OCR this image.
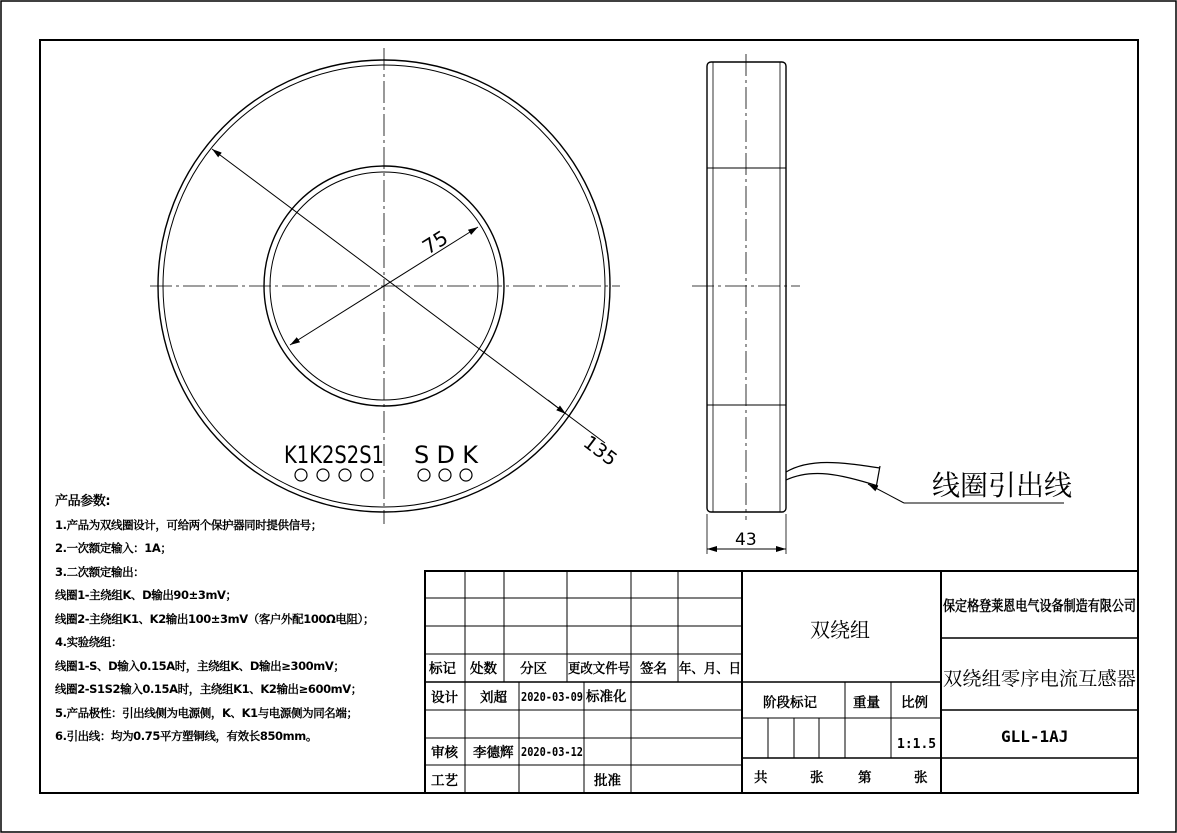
75
135
K1K2S2S1 S D K
43
线圈引出线
标记 处数 分区 更改文件号 签名 年、月、日
设计 刘超 2020-03-09 标准化
审核 李德辉 2020-03-12
工艺	批准
双绕组
阶段标记	重量 比例
1:1.5
共	张	第	张
保定格登莱恩电气设备制造有限公司
双绕组零序电流互感器
GLL-1AJ
产品参数:
1.产品为双线圈设计，可给两个保护器同时提供信号；
2.一次额定输入：1A；
3.二次额定输出：
线圈1-主绕组K、D输出90±3mV；
线圈2-主绕组K1、K2输出100±3mV（客户外配100Ω电阻）；
4.实验绕组：
线圈1-S、D输入0.15A时，主绕组K、D输出≥300mV；
线圈2-S1S2输入0.15A时，主绕组K1、K2输出≥600mV；
5.产品极性：引出线侧为电源侧，K、K1与电源侧为同名端；
6.引出线：均为0.75平方塑铜线，有效长850mm。
